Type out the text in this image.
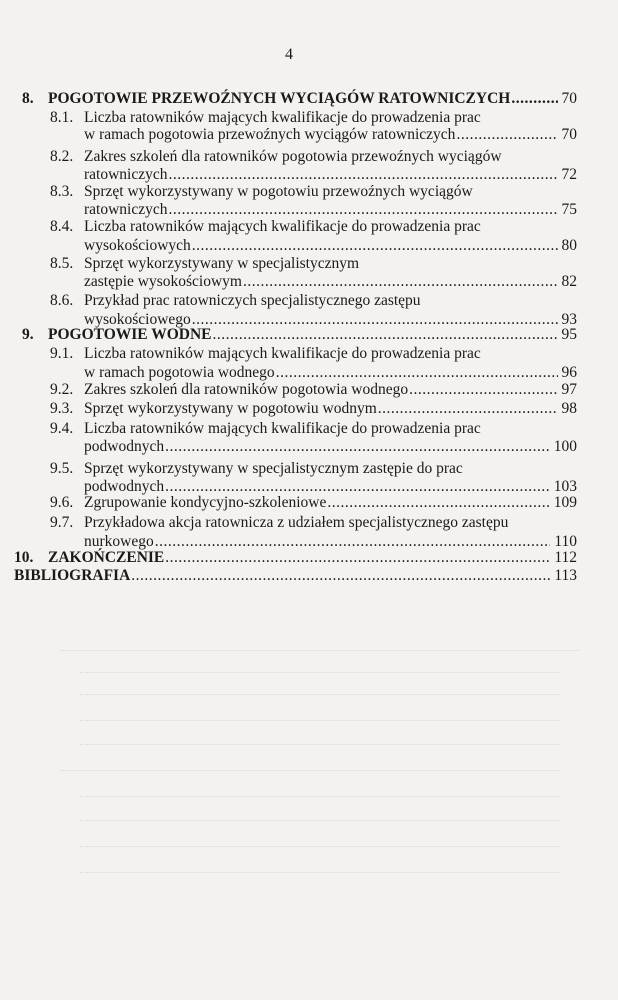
4
8. POGOTOWIE PRZEWOŹNYCH WYCIĄGÓW RATOWNICZYCH .....	70
8.1. Liczba ratowników mających kwalifikacje do prowadzenia prac
w ramach pogotowia przewoźnych wyciągów ratowniczych .....	70
8.2. Zakres szkoleń dla ratowników pogotowia przewoźnych wyciągów
ratowniczych .....	72
8.3. Sprzęt wykorzystywany w pogotowiu przewoźnych wyciągów
ratowniczych .....	75
8.4. Liczba ratowników mających kwalifikacje do prowadzenia prac
wysokościowych .....	80
8.5. Sprzęt wykorzystywany w specjalistycznym
zastępie wysokościowym .....	82
8.6. Przykład prac ratowniczych specjalistycznego zastępu
wysokościowego .....	93
9. POGOTOWIE WODNE .....	95
9.1. Liczba ratowników mających kwalifikacje do prowadzenia prac
w ramach pogotowia wodnego .....	96
9.2. Zakres szkoleń dla ratowników pogotowia wodnego .....	97
9.3. Sprzęt wykorzystywany w pogotowiu wodnym .....	98
9.4. Liczba ratowników mających kwalifikacje do prowadzenia prac
podwodnych .....	100
9.5. Sprzęt wykorzystywany w specjalistycznym zastępie do prac
podwodnych .....	103
9.6. Zgrupowanie kondycyjno-szkoleniowe .....	109
9.7. Przykładowa akcja ratownicza z udziałem specjalistycznego zastępu
nurkowego .....	110
10. ZAKOŃCZENIE .....	112
BIBLIOGRAFIA .....	113
